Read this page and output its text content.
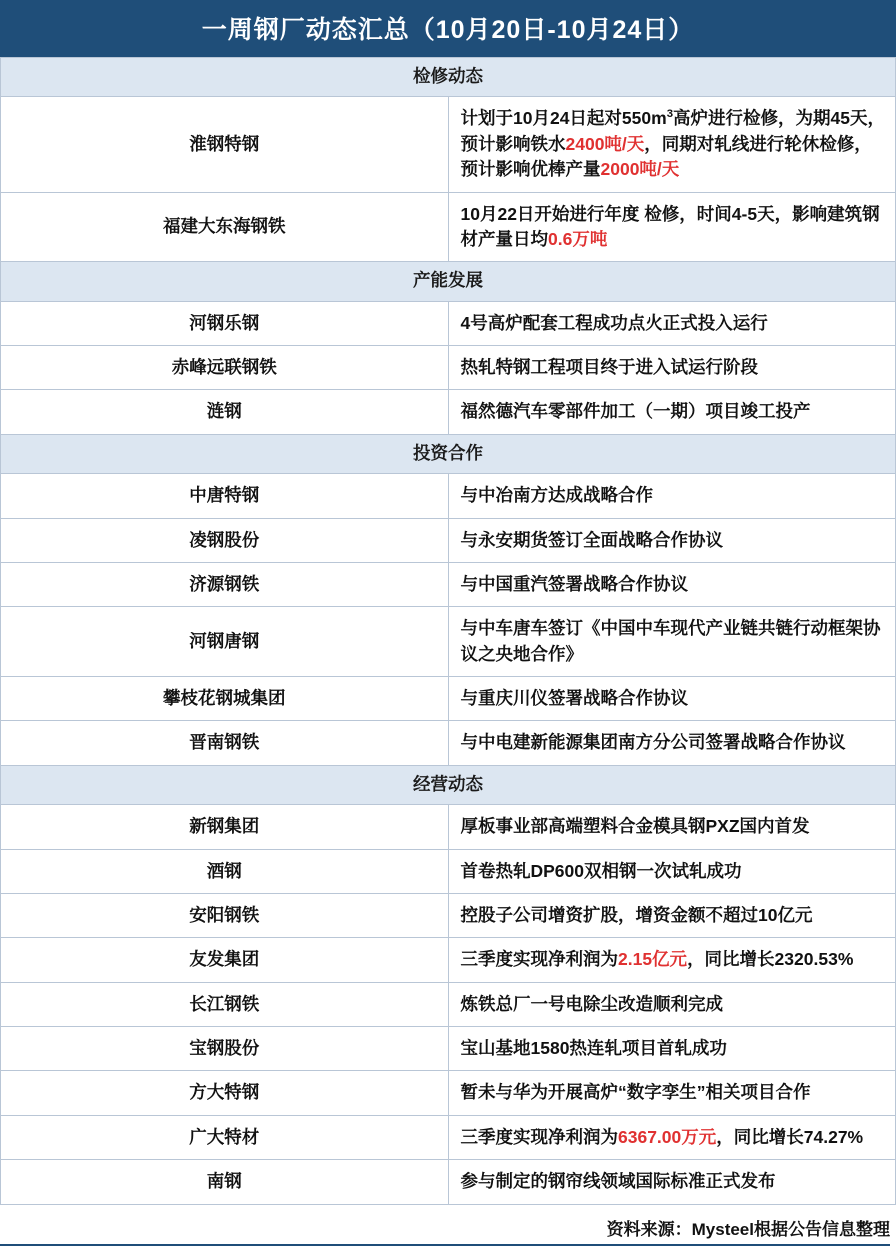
一周钢厂动态汇总（10月20日-10月24日）
检修动态	
淮钢特钢	计划于10月24日起对$550m^3$高炉进行检修，为期45天，预计影响铁水2400吨/天，同期对轧线进行轮休检修，预计影响优棒产量2000吨/天
福建大东海钢铁	10月22日开始进行年度 检修，时间4-5天，影响建筑钢材产量日均0.6万吨
产能发展	
河钢乐钢	4号高炉配套工程成功点火正式投入运行
赤峰远联钢铁	热轧特钢工程项目终于进入试运行阶段
涟钢	福然德汽车零部件加工（一期）项目竣工投产
投资合作	
中唐特钢	与中冶南方达成战略合作
凌钢股份	与永安期货签订全面战略合作协议
济源钢铁	与中国重汽签署战略合作协议
河钢唐钢	与中车唐车签订《中国中车现代产业链共链行动框架协议之央地合作》
攀枝花钢城集团	与重庆川仪签署战略合作协议
晋南钢铁	与中电建新能源集团南方分公司签署战略合作协议
经营动态	
新钢集团	厚板事业部高端塑料合金模具钢PXZ国内首发
酒钢	首卷热轧DP600双相钢一次试轧成功
安阳钢铁	控股子公司增资扩股，增资金额不超过10亿元
友发集团	三季度实现净利润为2.15亿元，同比增长2320.53%
长江钢铁	炼铁总厂一号电除尘改造顺利完成
宝钢股份	宝山基地1580热连轧项目首轧成功
方大特钢	暂未与华为开展高炉“数字孪生”相关项目合作
广大特材	三季度实现净利润为6367.00万元，同比增长74.27%
南钢	参与制定的钢帘线领域国际标准正式发布
资料来源：Mysteel根据公告信息整理
